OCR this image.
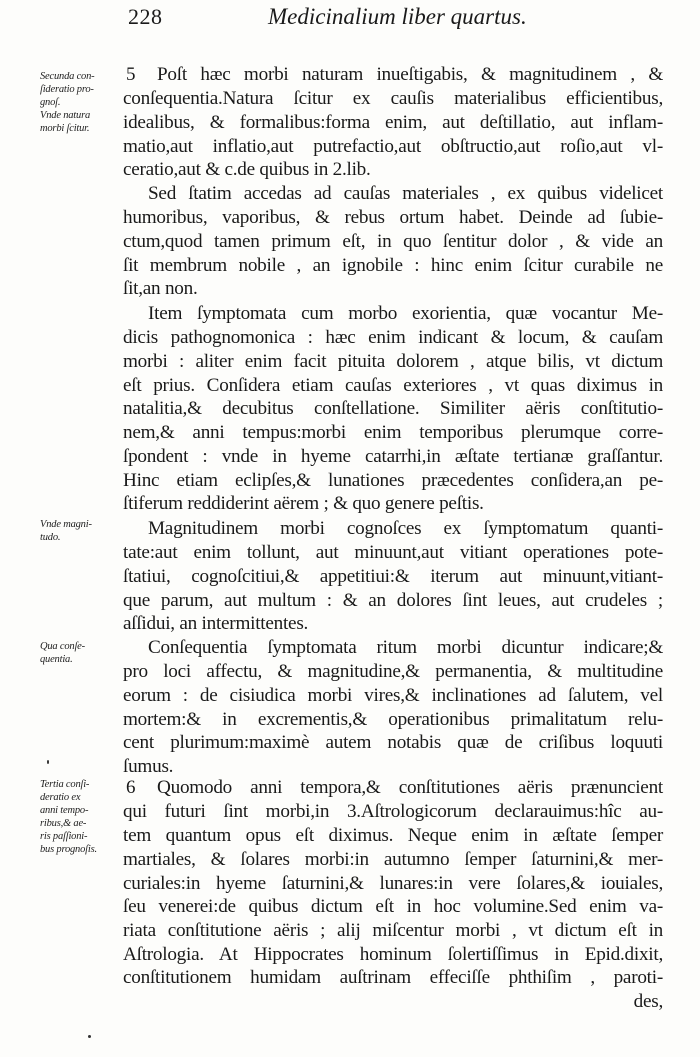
228	Medicinalium liber quartus.
Secunda con-
ſideratio pro-
gnoſ.
Vnde natura
morbi ſcitur.
Vnde magni-
tudo.
Qua conſe-
quentia.
Tertia conſi-
deratio ex
anni tempo-
ribus,& ae-
ris paſſioni-
bus prognoſis.
5
6
Poſt hæc morbi naturam inueſtigabis, & magnitudinem , &
conſequentia.Natura ſcitur ex cauſis materialibus efficientibus,
idealibus, & formalibus:forma enim, aut deſtillatio, aut inflam-
matio,aut inflatio,aut putrefactio,aut obſtructio,aut roſio,aut vl-
ceratio,aut & c.de quibus in 2.lib.
Sed ſtatim accedas ad cauſas materiales , ex quibus videlicet
humoribus, vaporibus, & rebus ortum habet. Deinde ad ſubie-
ctum,quod tamen primum eſt, in quo ſentitur dolor , & vide an
ſit membrum nobile , an ignobile : hinc enim ſcitur curabile ne
ſit,an non.
Item ſymptomata cum morbo exorientia, quæ vocantur Me-
dicis pathognomonica : hæc enim indicant & locum, & cauſam
morbi : aliter enim facit pituita dolorem , atque bilis, vt dictum
eſt prius. Conſidera etiam cauſas exteriores , vt quas diximus in
natalitia,& decubitus conſtellatione. Similiter aëris conſtitutio-
nem,& anni tempus:morbi enim temporibus plerumque corre-
ſpondent : vnde in hyeme catarrhi,in æſtate tertianæ graſſantur.
Hinc etiam eclipſes,& lunationes præcedentes conſidera,an pe-
ſtiferum reddiderint aërem ; & quo genere peſtis.
Magnitudinem morbi cognoſces ex ſymptomatum quanti-
tate:aut enim tollunt, aut minuunt,aut vitiant operationes pote-
ſtatiui, cognoſcitiui,& appetitiui:& iterum aut minuunt,vitiant-
que parum, aut multum : & an dolores ſint leues, aut crudeles ;
aſſidui, an intermittentes.
Conſequentia ſymptomata ritum morbi dicuntur indicare;&
pro loci affectu, & magnitudine,& permanentia, & multitudine
eorum : de cisiudica morbi vires,& inclinationes ad ſalutem, vel
mortem:& in excrementis,& operationibus primalitatum relu-
cent plurimum:maximè autem notabis quæ de criſibus loquuti
ſumus.
Quomodo anni tempora,& conſtitutiones aëris prænuncient
qui futuri ſint morbi,in 3.Aſtrologicorum declarauimus:hîc au-
tem quantum opus eſt diximus. Neque enim in æſtate ſemper
martiales, & ſolares morbi:in autumno ſemper ſaturnini,& mer-
curiales:in hyeme ſaturnini,& lunares:in vere ſolares,& iouiales,
ſeu venerei:de quibus dictum eſt in hoc volumine.Sed enim va-
riata conſtitutione aëris ; alij miſcentur morbi , vt dictum eſt in
Aſtrologia. At Hippocrates hominum ſolertiſſimus in Epid.dixit,
conſtitutionem humidam auſtrinam effeciſſe phthiſim , paroti-
des,
